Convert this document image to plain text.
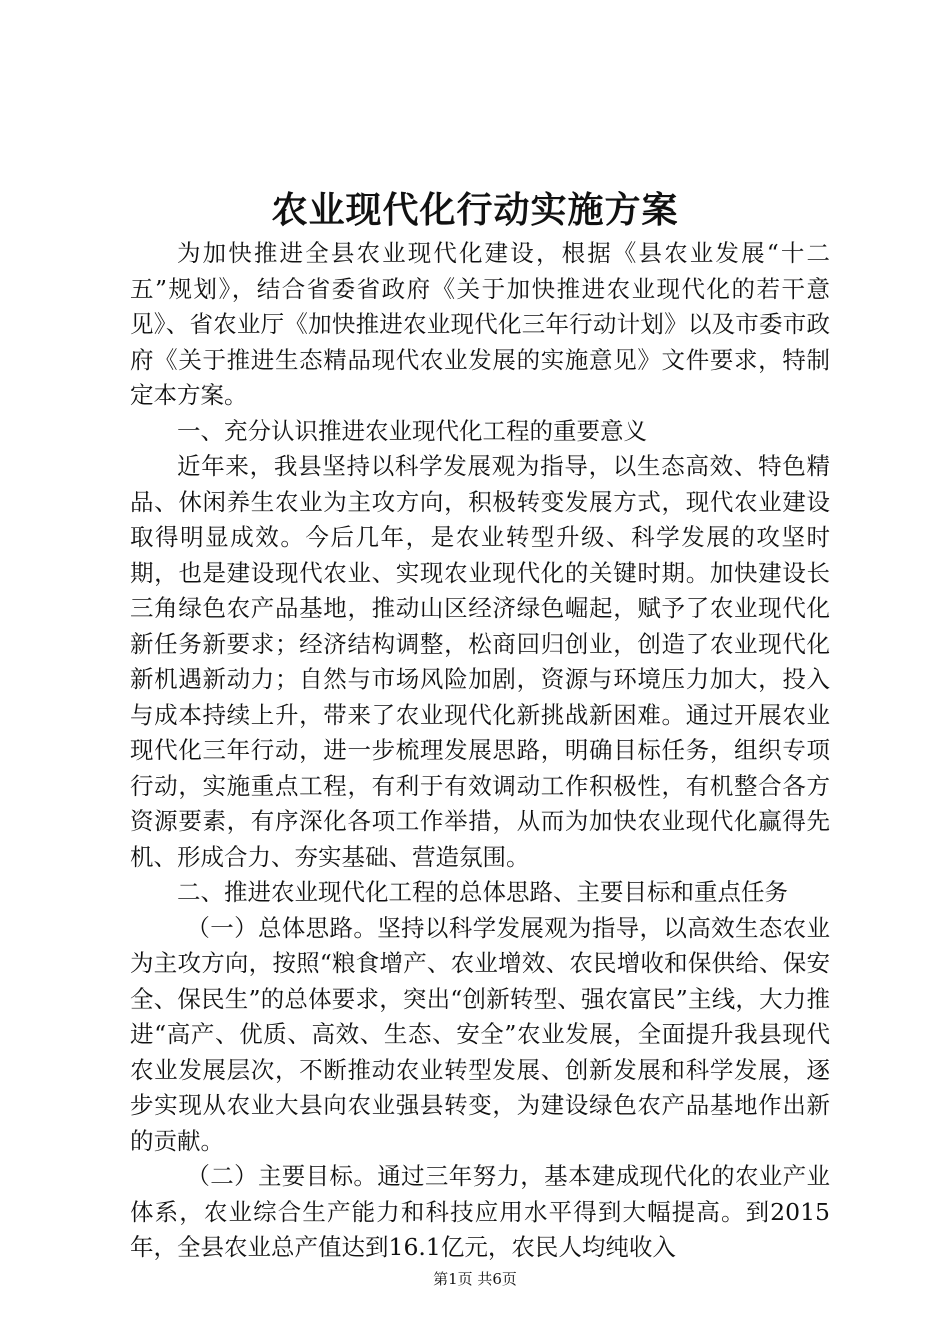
农业现代化行动实施方案

为加快推进全县农业现代化建设，根据《县农业发展“十二五”规划》，结合省委省政府《关于加快推进农业现代化的若干意见》、省农业厅《加快推进农业现代化三年行动计划》以及市委市政府《关于推进生态精品现代农业发展的实施意见》文件要求，特制定本方案。

一、充分认识推进农业现代化工程的重要意义

近年来，我县坚持以科学发展观为指导，以生态高效、特色精品、休闲养生农业为主攻方向，积极转变发展方式，现代农业建设取得明显成效。今后几年，是农业转型升级、科学发展的攻坚时期，也是建设现代农业、实现农业现代化的关键时期。加快建设长三角绿色农产品基地，推动山区经济绿色崛起，赋予了农业现代化新任务新要求；经济结构调整，松商回归创业，创造了农业现代化新机遇新动力；自然与市场风险加剧，资源与环境压力加大，投入与成本持续上升，带来了农业现代化新挑战新困难。通过开展农业现代化三年行动，进一步梳理发展思路，明确目标任务，组织专项行动，实施重点工程，有利于有效调动工作积极性，有机整合各方资源要素，有序深化各项工作举措，从而为加快农业现代化赢得先机、形成合力、夯实基础、营造氛围。

二、推进农业现代化工程的总体思路、主要目标和重点任务

（一）总体思路。坚持以科学发展观为指导，以高效生态农业为主攻方向，按照“粮食增产、农业增效、农民增收和保供给、保安全、保民生”的总体要求，突出“创新转型、强农富民”主线，大力推进“高产、优质、高效、生态、安全”农业发展，全面提升我县现代农业发展层次，不断推动农业转型发展、创新发展和科学发展，逐步实现从农业大县向农业强县转变，为建设绿色农产品基地作出新的贡献。

（二）主要目标。通过三年努力，基本建成现代化的农业产业体系，农业综合生产能力和科技应用水平得到大幅提高。到2015年，全县农业总产值达到16.1亿元，农民人均纯收入

第1页 共6页
